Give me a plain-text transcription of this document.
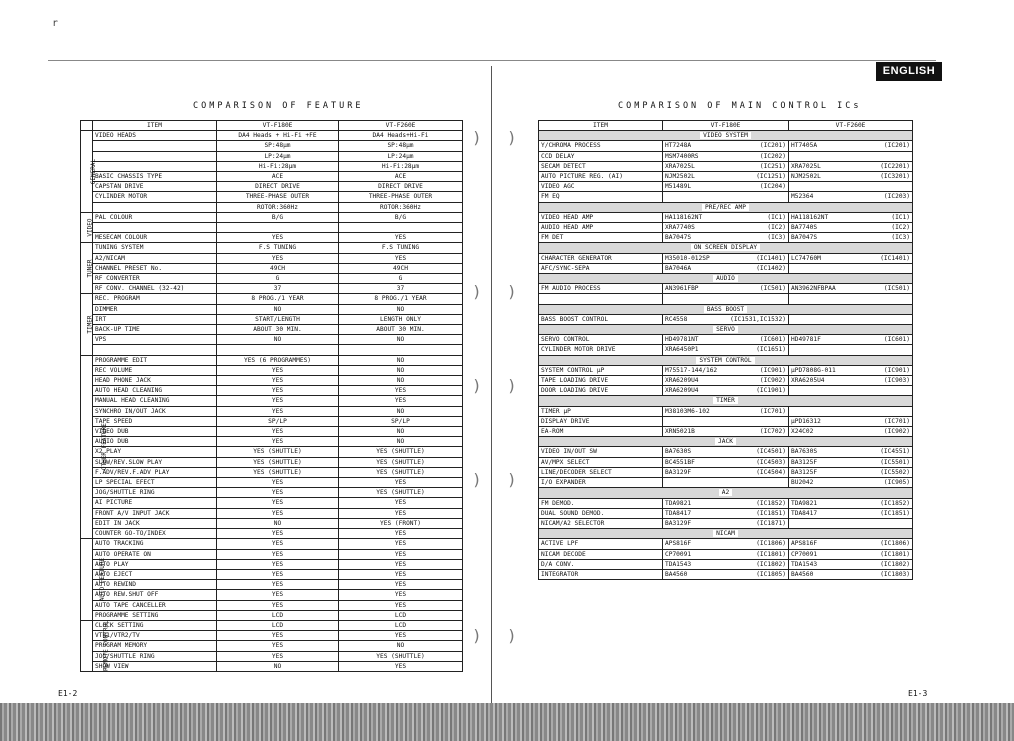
r
ENGLISH
COMPARISON OF FEATURE	COMPARISON OF MAIN CONTROL ICs
) )
) )
) )
) )
) )
	ITEM	VT-F180E	VT-F260E
GENERAL	VIDEO HEADS	DA4 Heads + Hi-Fi +FE	DA4 Heads+Hi-Fi
		SP:48μm	SP:48μm
		LP:24μm	LP:24μm
		Hi-Fi:28μm	Hi-Fi:28μm
	BASIC CHASSIS TYPE	ACE	ACE
	CAPSTAN DRIVE	DIRECT DRIVE	DIRECT DRIVE
	CYLINDER MOTOR	THREE-PHASE OUTER	THREE-PHASE OUTER
		ROTOR:360Hz	ROTOR:360Hz
VIDEO	PAL COLOUR	B/G	B/G

	MESECAM COLOUR	YES	YES
TUNER	TUNING SYSTEM	F.S TUNING	F.S TUNING
	A2/NICAM	YES	YES
	CHANNEL PRESET No.	49CH	49CH
	RF CONVERTER	G	G
	RF CONV. CHANNEL (32-42)	37	37
TIMER	REC. PROGRAM	8 PROG./1 YEAR	8 PROG./1 YEAR
	DIMMER	NO	NO
	IRT	START/LENGTH	LENGTH ONLY
	BACK-UP TIME	ABOUT 30 MIN.	ABOUT 30 MIN.
	VPS	NO	NO

OTHER FEATURE	PROGRAMME EDIT	YES (6 PROGRAMMES)	NO
	REC VOLUME	YES	NO
	HEAD PHONE JACK	YES	NO
	AUTO HEAD CLEANING	YES	YES
	MANUAL HEAD CLEANING	YES	YES
	SYNCHRO IN/OUT JACK	YES	NO
	TAPE SPEED	SP/LP	SP/LP
	VIDEO DUB	YES	NO
	AUDIO DUB	YES	NO
	X2 PLAY	YES (SHUTTLE)	YES (SHUTTLE)
	SLOW/REV.SLOW PLAY	YES (SHUTTLE)	YES (SHUTTLE)
	F.ADV/REV.F.ADV PLAY	YES (SHUTTLE)	YES (SHUTTLE)
	LP SPECIAL EFECT	YES	YES
	JOG/SHUTTLE RING	YES	YES (SHUTTLE)
	AI PICTURE	YES	YES
	FRONT A/V INPUT JACK	YES	YES
	EDIT IN JACK	NO	YES (FRONT)
	COUNTER GO-TO/INDEX	YES	YES
AUTO FEATURE	AUTO TRACKING	YES	YES
	AUTO OPERATE ON	YES	YES
	AUTO PLAY	YES	YES
	AUTO EJECT	YES	YES
	AUTO REWIND	YES	YES
	AUTO REW.SHUT OFF	YES	YES
	AUTO TAPE CANCELLER	YES	YES
	PROGRAMME SETTING	LCD	LCD
REMOTE CONTROL	CLOCK SETTING	LCD	LCD
	VTR1/VTR2/TV	YES	YES
	PROGRAM MEMORY	YES	NO
	JOG/SHUTTLE RING	YES	YES (SHUTTLE)
	SHOW VIEW	NO	YES
ITEM	VT-F180E		VT-F260E	
VIDEO SYSTEM				
Y/CHROMA PROCESS	HT7248A	(IC201)	HT7405A	(IC201)
CCD DELAY	MSM7400RS	(IC202)		
SECAM DETECT	XRA7025L	(IC251)	XRA7025L	(IC2201)
AUTO PICTURE REG. (AI)	NJM2502L	(IC1251)	NJM2502L	(IC3201)
VIDEO AGC	M51489L	(IC204)		
FM EQ			M52364	(IC203)
PRE/REC AMP				
VIDEO HEAD AMP	HA118162NT	(IC1)	HA118162NT	(IC1)
AUDIO HEAD AMP	XRA7740S	(IC2)	BA7740S	(IC2)
FM DET	BA7047S	(IC3)	BA7047S	(IC3)
ON SCREEN DISPLAY				
CHARACTER GENERATOR	M35010-012SP	(IC1401)	LC74760M	(IC1401)
AFC/SYNC-SEPA	BA7046A	(IC1402)		
AUDIO				
FM AUDIO PROCESS	AN3961FBP	(IC501)	AN3962NFBPAA	(IC501)

BASS BOOST				
BASS BOOST CONTROL	RC4558	(IC1531,IC1532)		
SERVO				
SERVO CONTROL	HD49781NT	(IC601)	HD49781F	(IC601)
CYLINDER MOTOR DRIVE	XRA6450P1	(IC1651)		
SYSTEM CONTROL				
SYSTEM CONTROL μP	M75517-144/162	(IC901)	μPD7808G-011	(IC901)
TAPE LOADING DRIVE	XRA6209U4	(IC902)	XRA6205U4	(IC903)
DOOR LOADING DRIVE	XRA6209U4	(IC1901)		
TIMER				
TIMER μP	M38103M6-102	(IC701)		
DISPLAY DRIVE			μPD16312	(IC701)
EA-ROM	XRN5021B	(IC702)	X24C02	(IC902)
JACK				
VIDEO IN/OUT SW	BA7630S	(IC4501)	BA7630S	(IC4551)
AV/MPX SELECT	BC4551BF	(IC4503)	BA3125F	(IC5501)
LINE/DECODER SELECT	BA3129F	(IC4504)	BA3125F	(IC5502)
I/O EXPANDER			BU2042	(IC905)
A2				
FM DEMOD.	TDA9821	(IC1852)	TDA9821	(IC1852)
DUAL SOUND DEMOD.	TDA8417	(IC1851)	TDA8417	(IC1851)
NICAM/A2 SELECTOR	BA3129F	(IC1871)		
NICAM				
ACTIVE LPF	APS816F	(IC1806)	APS816F	(IC1806)
NICAM DECODE	CP70091	(IC1801)	CP70091	(IC1801)
D/A CONV.	TDA1543	(IC1802)	TDA1543	(IC1802)
INTEGRATOR	BA4560	(IC1805)	BA4560	(IC1803)
E1-2	E1-3
